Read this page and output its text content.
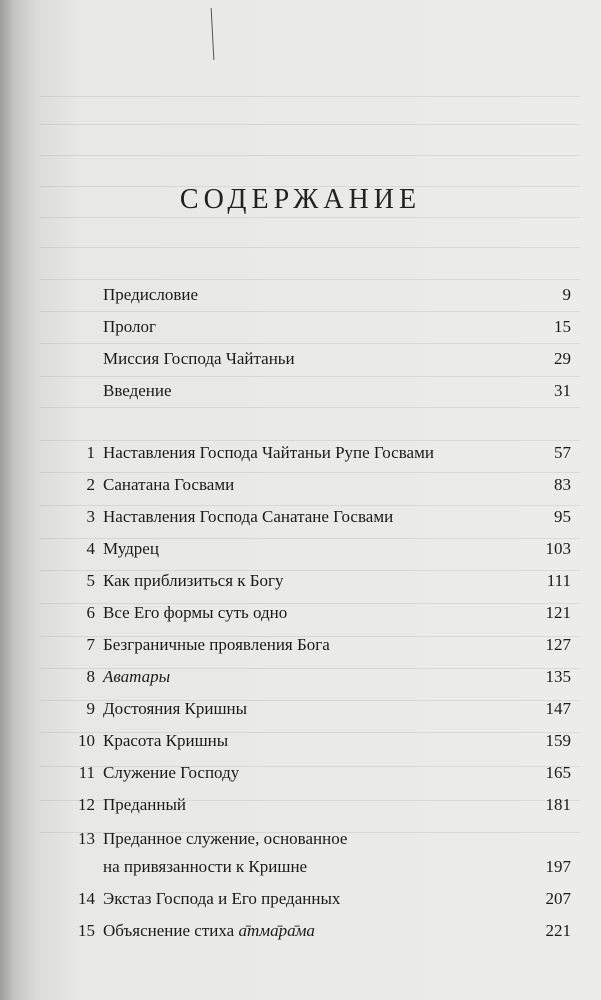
СОДЕРЖАНИЕ
Предисловие	9
Пролог	15
Миссия Господа Чайтаньи	29
Введение	31
1 Наставления Господа Чайтаньи Рупе Госвами	57
2 Санатана Госвами	83
3 Наставления Господа Санатане Госвами	95
4 Мудрец	103
5 Как приблизиться к Богу	111
6 Все Его формы суть одно	121
7 Безграничные проявления Бога	127
8 Аватары	135
9 Достояния Кришны	147
10 Красота Кришны	159
11 Служение Господу	165
12 Преданный	181
13 Преданное служение, основанное
на привязанности к Кришне	197
14 Экстаз Господа и Его преданных	207
15 Объяснение стиха а̄тма̄ра̄ма	221
